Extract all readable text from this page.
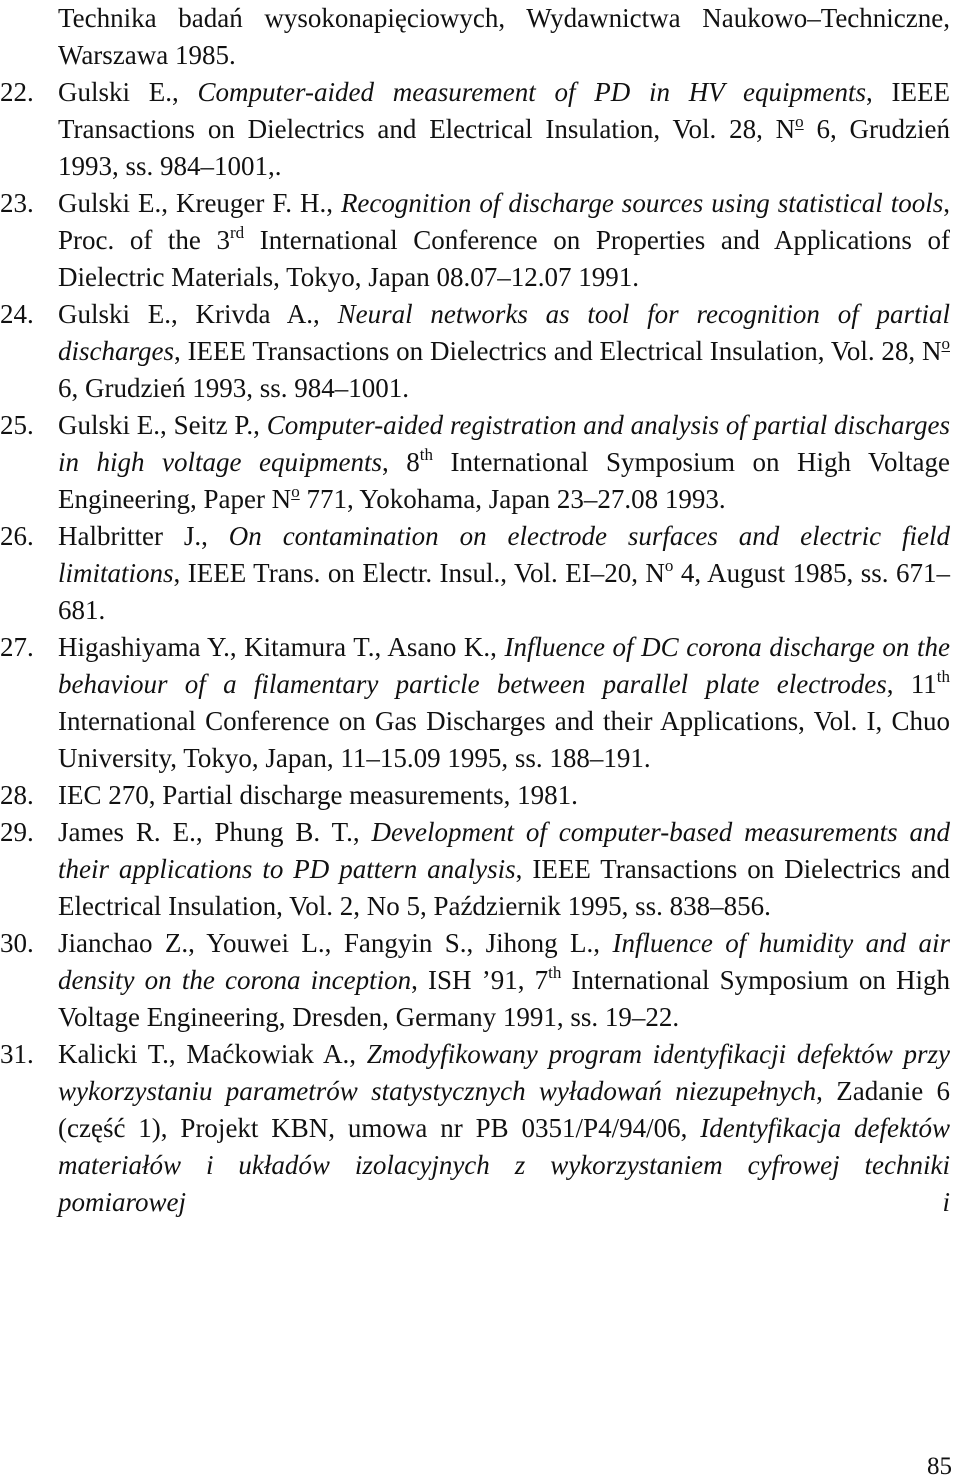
Technika badań wysokonapięciowych, Wydawnictwa Naukowo–Techniczne, Warszawa 1985.
22. Gulski E., Computer-aided measurement of PD in HV equipments, IEEE Transactions on Dielectrics and Electrical Insulation, Vol. 28, $N^o$ 6, Grudzień 1993, ss. 984–1001,.
23. Gulski E., Kreuger F. H., Recognition of discharge sources using statistical tools, Proc. of the 3rd International Conference on Properties and Applications of Dielectric Materials, Tokyo, Japan 08.07–12.07 1991.
24. Gulski E., Krivda A., Neural networks as tool for recognition of partial discharges, IEEE Transactions on Dielectrics and Electrical Insulation, Vol. 28, $N^o$ 6, Grudzień 1993, ss. 984–1001.
25. Gulski E., Seitz P., Computer-aided registration and analysis of partial discharges in high voltage equipments, 8th International Symposium on High Voltage Engineering, Paper $N^o$ 771, Yokohama, Japan 23–27.08 1993.
26. Halbritter J., On contamination on electrode surfaces and electric field limitations, IEEE Trans. on Electr. Insul., Vol. EI–20, $N^o$ 4, August 1985, ss. 671–681.
27. Higashiyama Y., Kitamura T., Asano K., Influence of DC corona discharge on the behaviour of a filamentary particle between parallel plate electrodes, 11th International Conference on Gas Discharges and their Applications, Vol. I, Chuo University, Tokyo, Japan, 11–15.09 1995, ss. 188–191.
28. IEC 270, Partial discharge measurements, 1981.
29. James R. E., Phung B. T., Development of computer-based measurements and their applications to PD pattern analysis, IEEE Transactions on Dielectrics and Electrical Insulation, Vol. 2, No 5, Październik 1995, ss. 838–856.
30. Jianchao Z., Youwei L., Fangyin S., Jihong L., Influence of humidity and air density on the corona inception, ISH ’91, 7th International Symposium on High Voltage Engineering, Dresden, Germany 1991, ss. 19–22.
31. Kalicki T., Maćkowiak A., Zmodyfikowany program identyfikacji defektów przy wykorzystaniu parametrów statystycznych wyładowań niezupełnych, Zadanie 6 (część 1), Projekt KBN, umowa nr PB 0351/P4/94/06, Identyfikacja defektów materiałów i układów izolacyjnych z wykorzystaniem cyfrowej techniki pomiarowej i
85
